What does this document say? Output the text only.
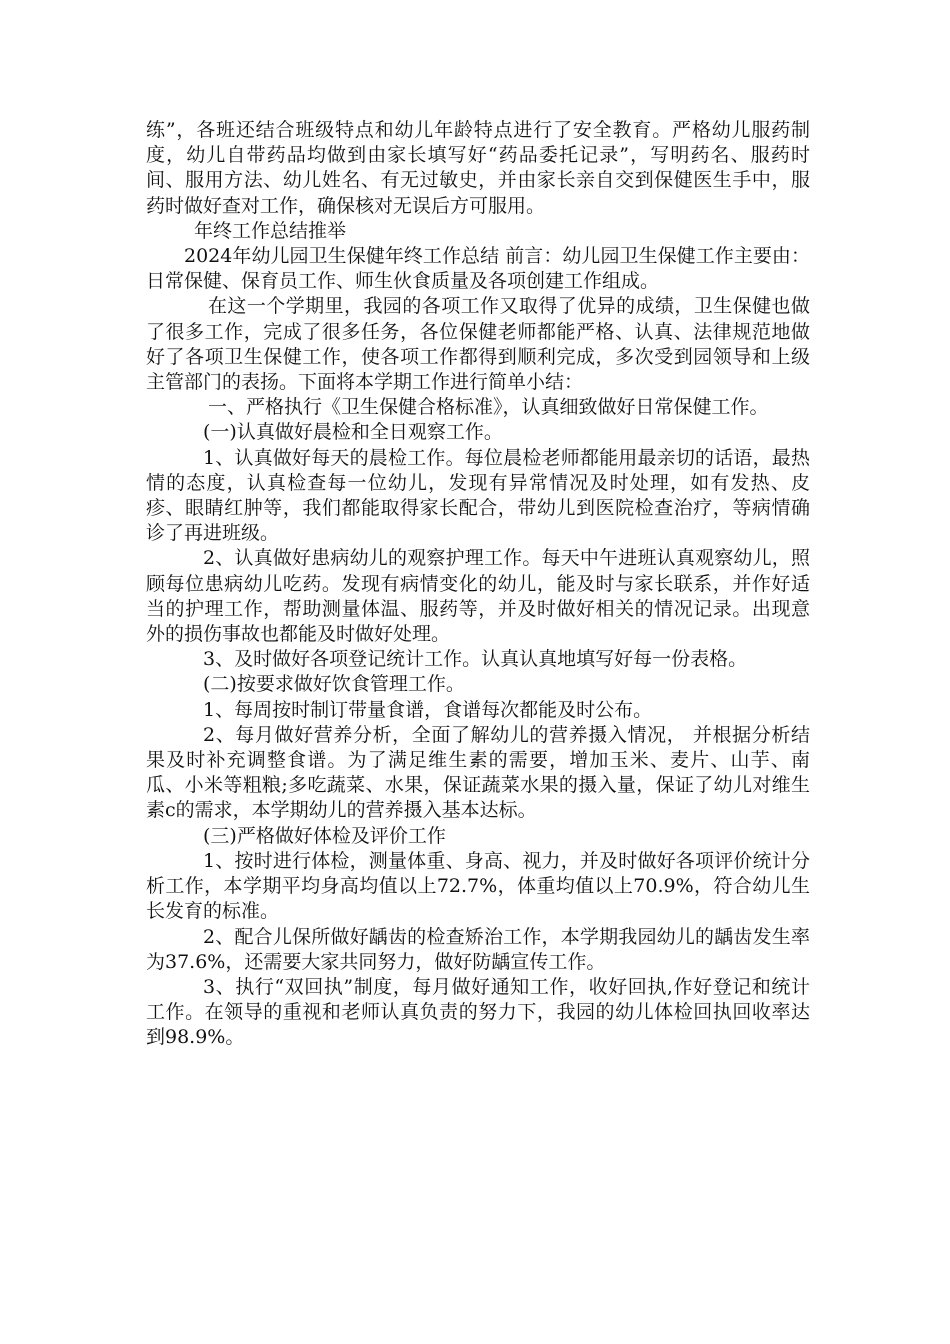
练”，各班还结合班级特点和幼儿年龄特点进行了安全教育。严格幼儿服药制度，幼儿自带药品均做到由家长填写好“药品委托记录”，写明药名、服药时间、服用方法、幼儿姓名、有无过敏史，并由家长亲自交到保健医生手中，服药时做好查对工作，确保核对无误后方可服用。

年终工作总结推举

2024年幼儿园卫生保健年终工作总结 前言：幼儿园卫生保健工作主要由：日常保健、保育员工作、师生伙食质量及各项创建工作组成。

在这一个学期里，我园的各项工作又取得了优异的成绩，卫生保健也做了很多工作，完成了很多任务，各位保健老师都能严格、认真、法律规范地做好了各项卫生保健工作，使各项工作都得到顺利完成，多次受到园领导和上级主管部门的表扬。下面将本学期工作进行简单小结：

一、严格执行《卫生保健合格标准》，认真细致做好日常保健工作。

(一)认真做好晨检和全日观察工作。

1、认真做好每天的晨检工作。每位晨检老师都能用最亲切的话语，最热情的态度，认真检查每一位幼儿，发现有异常情况及时处理，如有发热、皮疹、眼睛红肿等，我们都能取得家长配合，带幼儿到医院检查治疗，等病情确诊了再进班级。

2、认真做好患病幼儿的观察护理工作。每天中午进班认真观察幼儿，照顾每位患病幼儿吃药。发现有病情变化的幼儿，能及时与家长联系，并作好适当的护理工作，帮助测量体温、服药等，并及时做好相关的情况记录。出现意外的损伤事故也都能及时做好处理。

3、及时做好各项登记统计工作。认真认真地填写好每一份表格。

(二)按要求做好饮食管理工作。

1、每周按时制订带量食谱，食谱每次都能及时公布。

2、每月做好营养分析，全面了解幼儿的营养摄入情况， 并根据分析结果及时补充调整食谱。为了满足维生素的需要，增加玉米、麦片、山芋、南瓜、小米等粗粮;多吃蔬菜、水果，保证蔬菜水果的摄入量，保证了幼儿对维生素c的需求，本学期幼儿的营养摄入基本达标。

(三)严格做好体检及评价工作

1、按时进行体检，测量体重、身高、视力，并及时做好各项评价统计分析工作，本学期平均身高均值以上72.7%，体重均值以上70.9%，符合幼儿生长发育的标准。

2、配合儿保所做好龋齿的检查矫治工作，本学期我园幼儿的龋齿发生率为37.6%，还需要大家共同努力，做好防龋宣传工作。

3、执行“双回执”制度，每月做好通知工作，收好回执,作好登记和统计工作。在领导的重视和老师认真负责的努力下，我园的幼儿体检回执回收率达到98.9%。
